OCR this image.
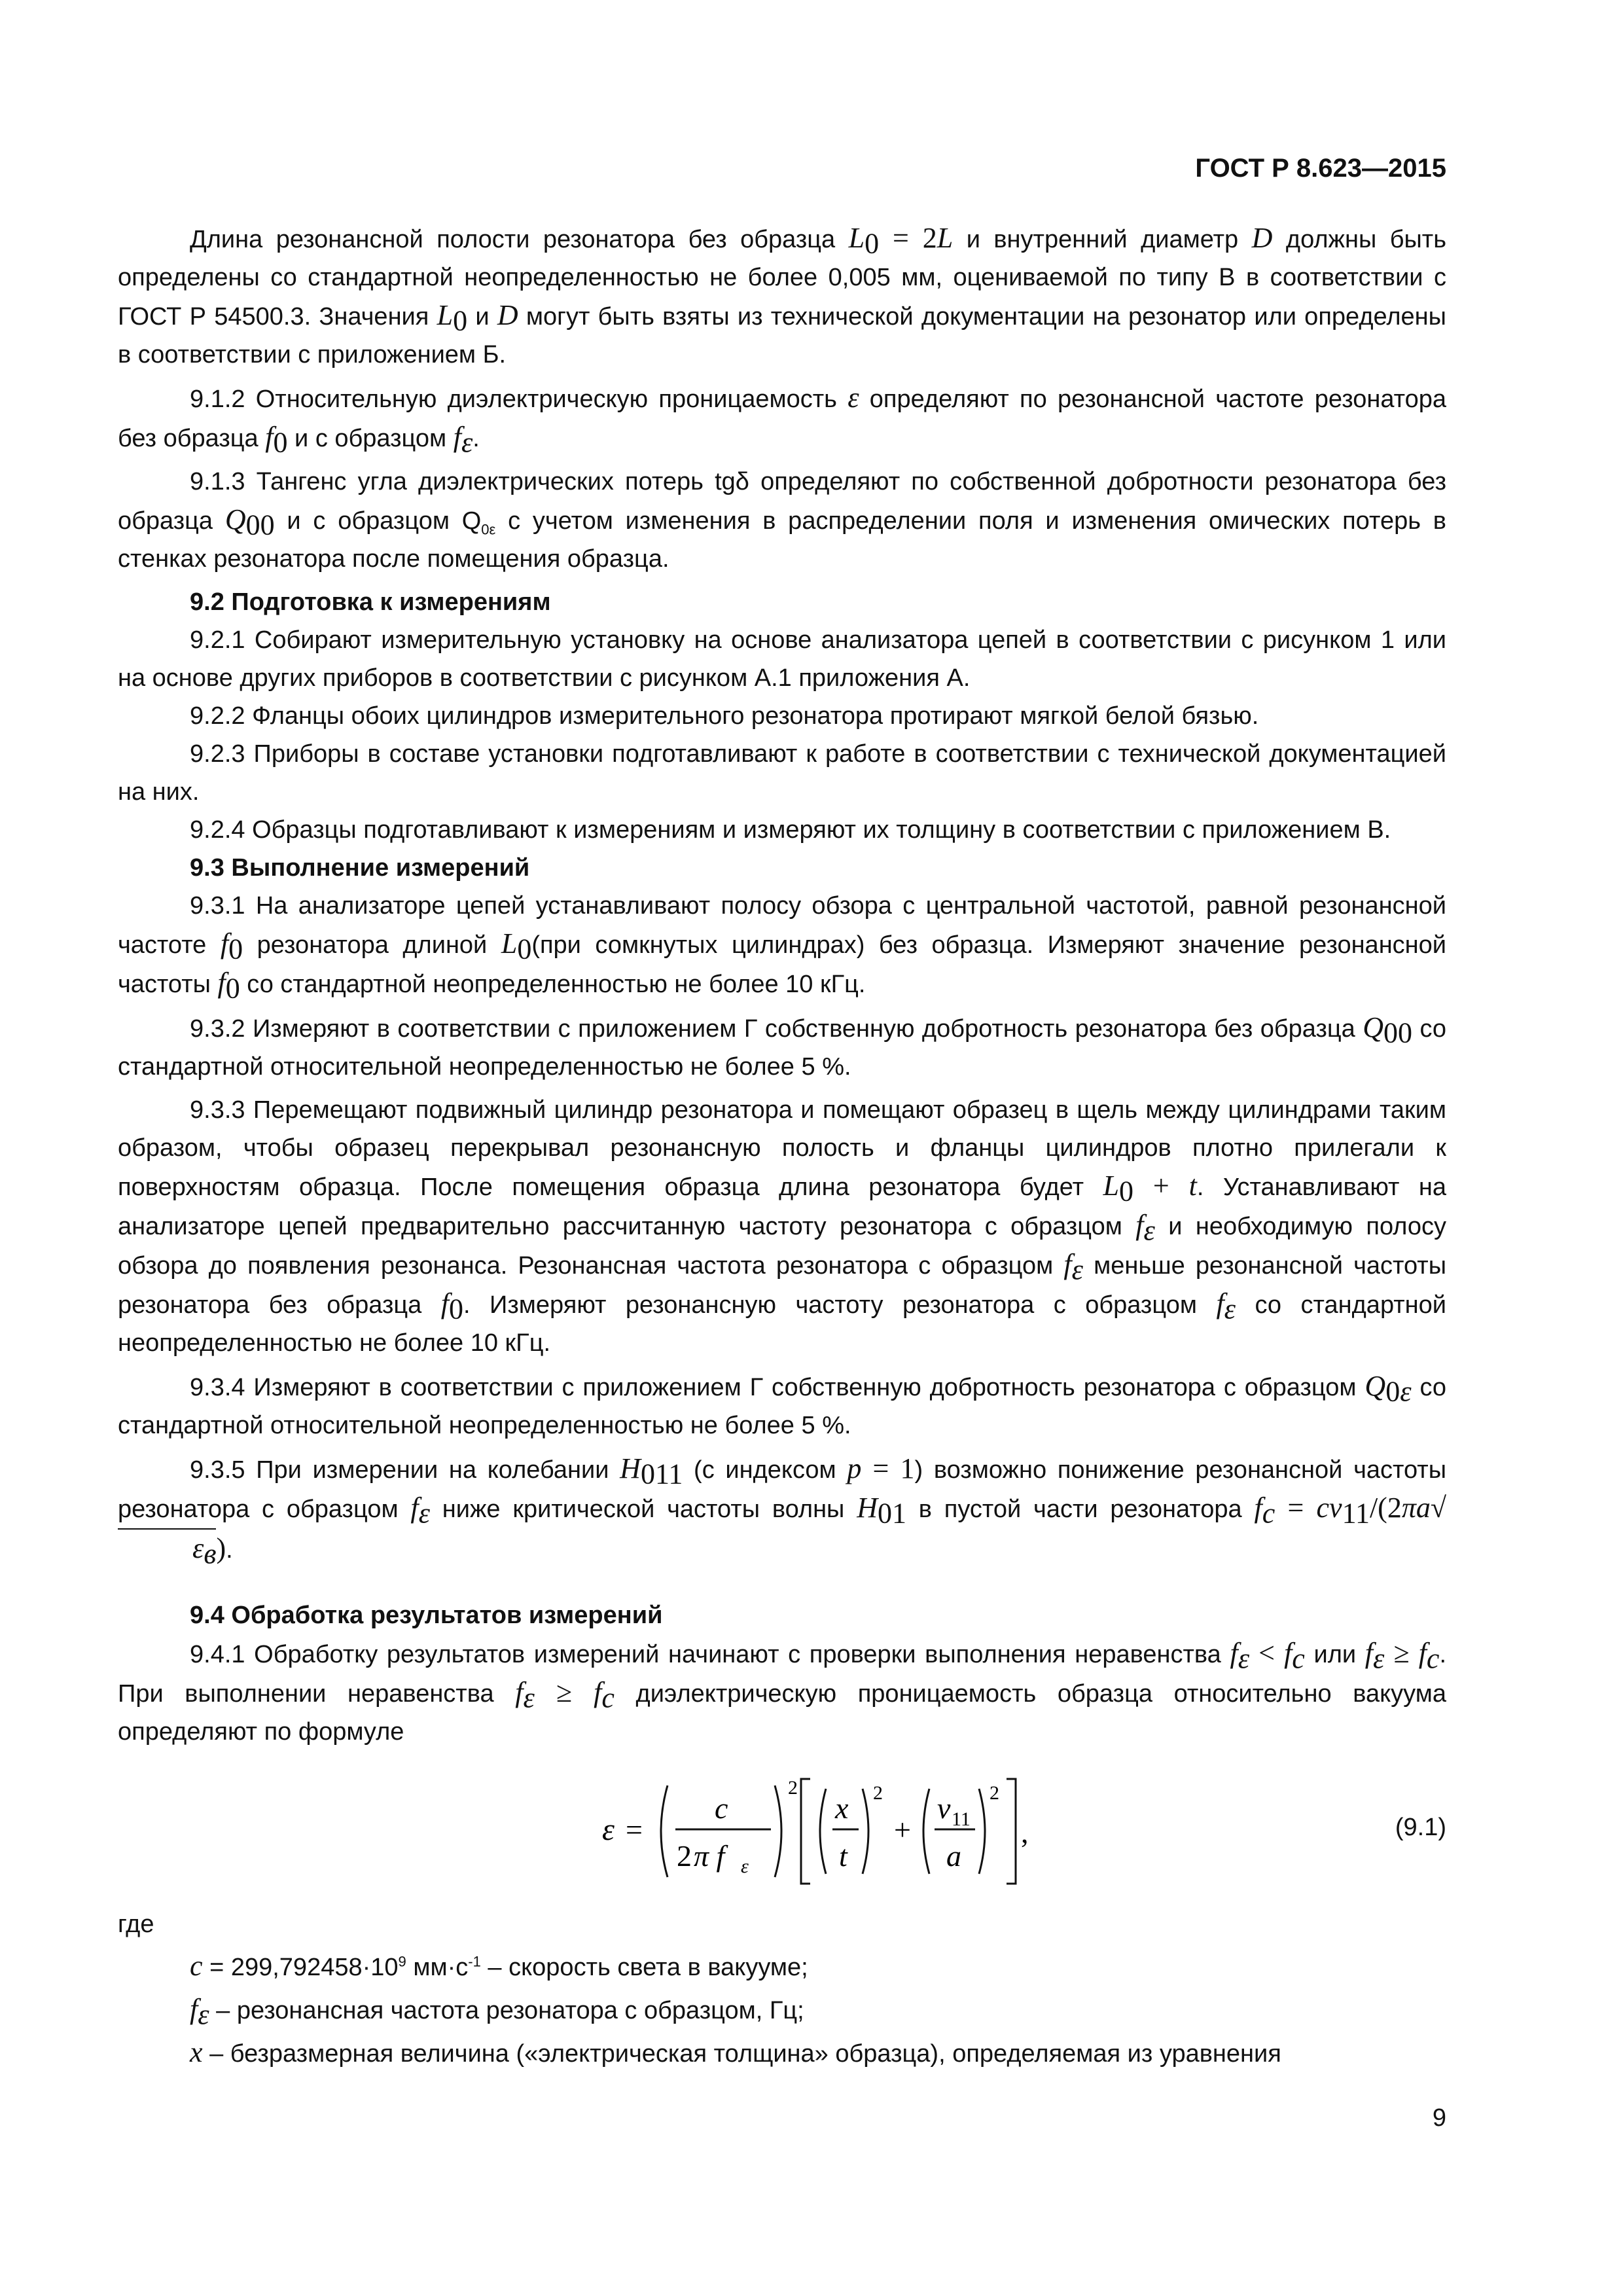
ГОСТ Р 8.623—2015

Длина резонансной полости резонатора без образца $L_0 = 2L$ и внутренний диаметр D должны быть определены со стандартной неопределенностью не более 0,005 мм, оцениваемой по типу В в соответствии с ГОСТ Р 54500.3. Значения $L_0$ и D могут быть взяты из технической документации на резонатор или определены в соответствии с приложением Б.

9.1.2 Относительную диэлектрическую проницаемость ε определяют по резонансной частоте резонатора без образца $f_0$ и с образцом $f_\varepsilon$.

9.1.3 Тангенс угла диэлектрических потерь tgδ определяют по собственной добротности резонатора без образца $Q_{00}$ и с образцом $Q_{0\varepsilon}$ с учетом изменения в распределении поля и изменения омических потерь в стенках резонатора после помещения образца.

9.2 Подготовка к измерениям

9.2.1 Собирают измерительную установку на основе анализатора цепей в соответствии с рисунком 1 или на основе других приборов в соответствии с рисунком А.1 приложения А.

9.2.2 Фланцы обоих цилиндров измерительного резонатора протирают мягкой белой бязью.

9.2.3 Приборы в составе установки подготавливают к работе в соответствии с технической документацией на них.

9.2.4 Образцы подготавливают к измерениям и измеряют их толщину в соответствии с приложением В.

9.3 Выполнение измерений

9.3.1 На анализаторе цепей устанавливают полосу обзора с центральной частотой, равной резонансной частоте $f_0$ резонатора длиной $L_0(при$ сомкнутых цилиндрах) без образца. Измеряют значение резонансной частоты $f_0$ со стандартной неопределенностью не более 10 кГц.

9.3.2 Измеряют в соответствии с приложением Г собственную добротность резонатора без образца $Q_{00}$ со стандартной относительной неопределенностью не более 5 %.

9.3.3 Перемещают подвижный цилиндр резонатора и помещают образец в щель между цилиндрами таким образом, чтобы образец перекрывал резонансную полость и фланцы цилиндров плотно прилегали к поверхностям образца. После помещения образца длина резонатора будет $L_0 + t$. Устанавливают на анализаторе цепей предварительно рассчитанную частоту резонатора с образцом $f_\varepsilon$ и необходимую полосу обзора до появления резонанса. Резонансная частота резонатора с образцом $f_\varepsilon$ меньше резонансной частоты резонатора без образца $f_0$. Измеряют резонансную частоту резонатора с образцом $f_\varepsilon$ со стандартной неопределенностью не более 10 кГц.

9.3.4 Измеряют в соответствии с приложением Г собственную добротность резонатора с образцом $Q_{0\varepsilon}$ со стандартной относительной неопределенностью не более 5 %.

9.3.5 При измерении на колебании $H_{011}$ (с индексом p = 1) возможно понижение резонансной частоты резонатора с образцом $f_\varepsilon$ ниже критической частоты волны $H_{01}$ в пустой части резонатора $f_c = cv_{11}/(2\pi a√\varepsilon_в)$.

9.4 Обработка результатов измерений

9.4.1 Обработку результатов измерений начинают с проверки выполнения неравенства $f_\varepsilon < f_c$ или $f_\varepsilon \ge f_c$. При выполнении неравенства $f_\varepsilon \ge f_c$ диэлектрическую проницаемость образца относительно вакуума определяют по формуле

ε =
c
2 π f ε
2
x
t
2
+
v 11
a
2
,	(9.1)

где

$c = 299,792458\cdot 10^9$ $мм\cdot с^{-1}$ – скорость света в вакууме;

$f_\varepsilon$ – резонансная частота резонатора с образцом, Гц;

x – безразмерная величина («электрическая толщина» образца), определяемая из уравнения

9
